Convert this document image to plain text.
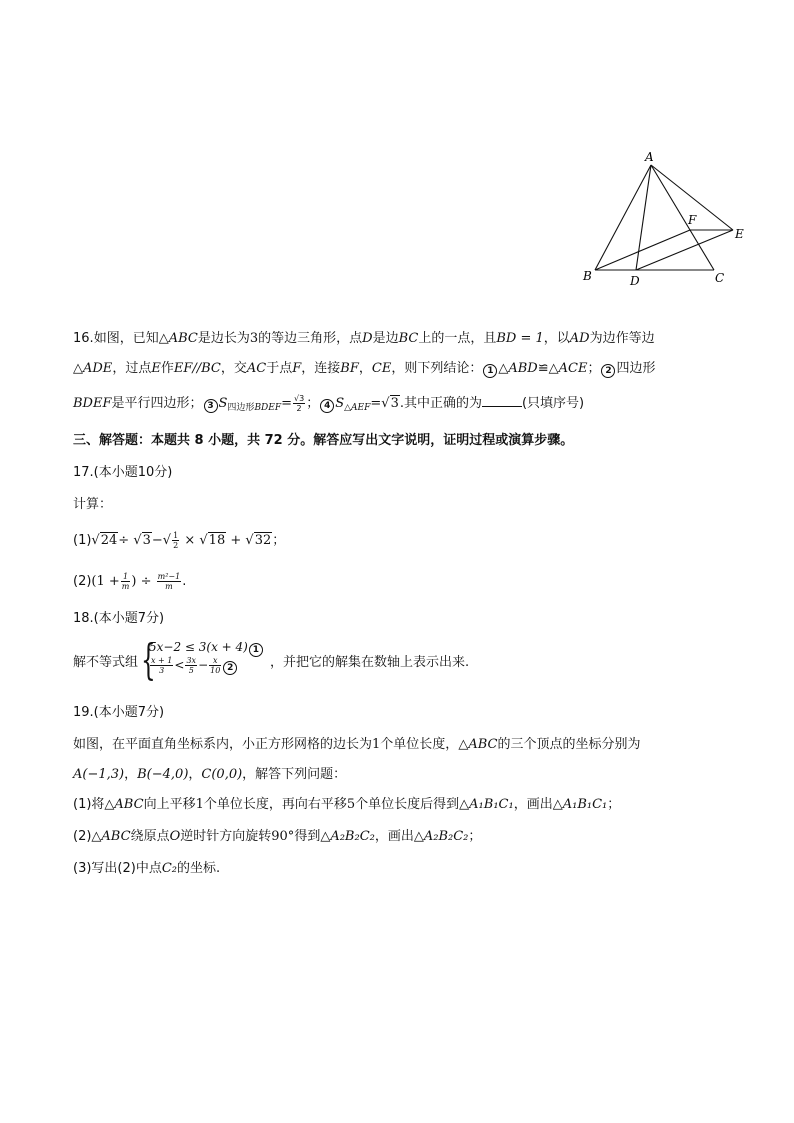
A
B	C
D
E
F
16.如图，已知△ABC是边长为3的等边三角形，点D是边BC上的一点，且BD = 1，以AD为边作等边
△ADE，过点E作EF//BC，交AC于点F，连接BF，CE，则下列结论： 1 △ABD≌△ACE； 2 四边形
BDEF是平行四边形； 3 $S_{四边形BDEF}= \frac{√3}{2}$ ； 4 $S_{\triangle AEF}=√3$.其中正确的为	(只填序号)
三、解答题：本题共 8 小题，共 72 分。解答应写出文字说明，证明过程或演算步骤。
17.(本小题10分)
计算：
$(1)√24\div √3-√ \frac{1}{2} \times √18 + √32$；
$(2)(1 + \frac{1}{m}$ ) ÷ $\frac{\text{m²−1}}{m}$ .
18.(本小题7分)
解不等式组 {
5x−2 ≤ 3(x + 4) 1
$\frac{x + 1}{3} < \frac{3x}{5} - \frac{x}{10} 2$	，并把它的解集在数轴上表示出来.
19.(本小题7分)
如图，在平面直角坐标系内，小正方形网格的边长为1个单位长度，△ABC的三个顶点的坐标分别为
A(−1,3)，B(−4,0)，C(0,0)，解答下列问题：
(1)将△ABC向上平移1个单位长度，再向右平移5个单位长度后得到△A₁B₁C₁，画出△A₁B₁C₁；
(2)△ABC绕原点O逆时针方向旋转90°得到△A₂B₂C₂，画出△A₂B₂C₂；
(3)写出(2)中点C₂的坐标.
